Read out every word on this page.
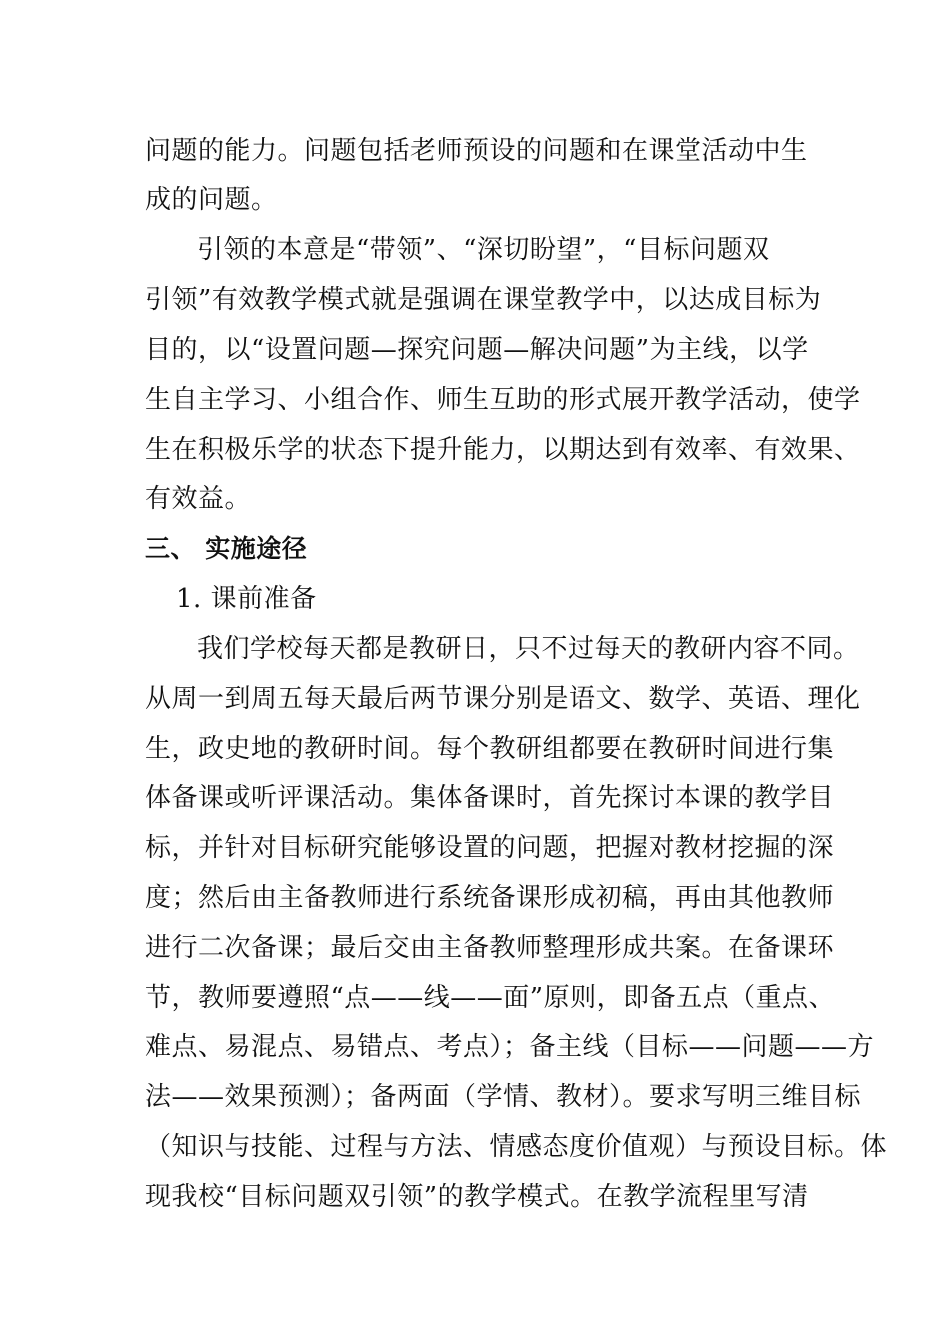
问题的能力。问题包括老师预设的问题和在课堂活动中生
成的问题。
引领的本意是“带领”、“深切盼望”，“目标问题双
引领”有效教学模式就是强调在课堂教学中，以达成目标为
目的，以“设置问题—探究问题—解决问题”为主线，以学
生自主学习、小组合作、师生互助的形式展开教学活动，使学
生在积极乐学的状态下提升能力，以期达到有效率、有效果、
有效益。
三、 实施途径
1. 课前准备
我们学校每天都是教研日，只不过每天的教研内容不同。
从周一到周五每天最后两节课分别是语文、数学、英语、理化
生，政史地的教研时间。每个教研组都要在教研时间进行集
体备课或听评课活动。集体备课时，首先探讨本课的教学目
标，并针对目标研究能够设置的问题，把握对教材挖掘的深
度；然后由主备教师进行系统备课形成初稿，再由其他教师
进行二次备课；最后交由主备教师整理形成共案。在备课环
节，教师要遵照“点——线——面”原则，即备五点（重点、
难点、易混点、易错点、考点）；备主线（目标——问题——方
法——效果预测）；备两面（学情、教材）。要求写明三维目标
（知识与技能、过程与方法、情感态度价值观）与预设目标。体
现我校“目标问题双引领”的教学模式。在教学流程里写清
